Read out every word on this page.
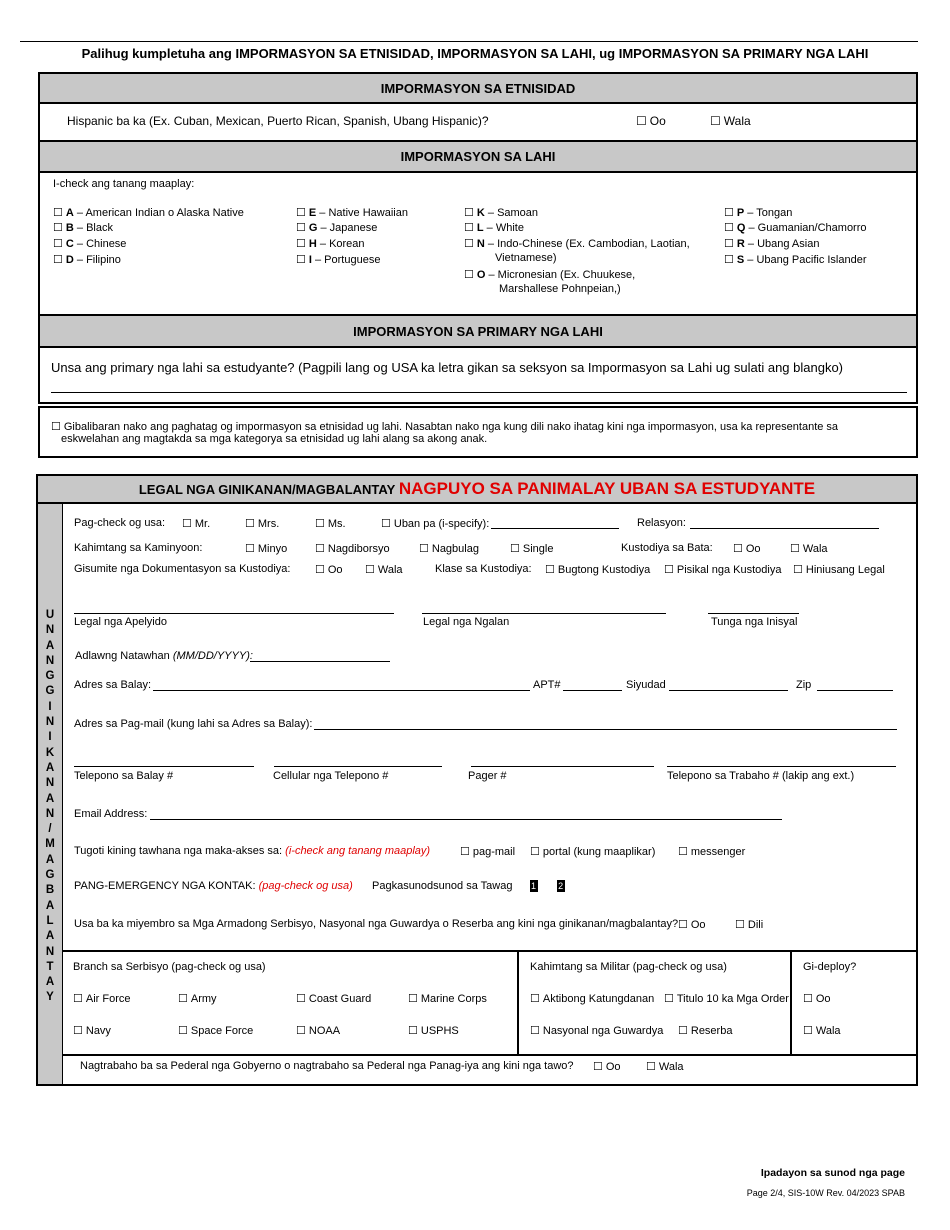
Palihug kumpletuha ang IMPORMASYON SA ETNISIDAD, IMPORMASYON SA LAHI, ug IMPORMASYON SA PRIMARY NGA LAHI
IMPORMASYON SA ETNISIDAD
Hispanic ba ka (Ex. Cuban, Mexican, Puerto Rican, Spanish, Ubang Hispanic)?	☐ Oo	☐ Wala
IMPORMASYON SA LAHI
I-check ang tanang maaplay:
☐ A – American Indian o Alaska Native
☐ B – Black
☐ C – Chinese
☐ D – Filipino
☐ E – Native Hawaiian
☐ G – Japanese
☐ H – Korean
☐ I – Portuguese
☐ K – Samoan
☐ L – White
☐ N – Indo-Chinese (Ex. Cambodian, Laotian,
Vietnamese)
☐ O – Micronesian (Ex. Chuukese,
Marshallese Pohnpeian,)
☐ P – Tongan
☐ Q – Guamanian/Chamorro
☐ R – Ubang Asian
☐ S – Ubang Pacific Islander
IMPORMASYON SA PRIMARY NGA LAHI
Unsa ang primary nga lahi sa estudyante? (Pagpili lang og USA ka letra gikan sa seksyon sa Impormasyon sa Lahi ug sulati ang blangko)
☐ Gibalibaran nako ang paghatag og impormasyon sa etnisidad ug lahi. Nasabtan nako nga kung dili nako ihatag kini nga impormasyon, usa ka representante sa
eskwelahan ang magtakda sa mga kategorya sa etnisidad ug lahi alang sa akong anak.
LEGAL NGA GINIKANAN/MAGBALANTAY
NAGPUYO SA PANIMALAY UBAN SA ESTUDYANTE
U
N
A
N
G
G
I
N
I
K
A
N
A
N
/
M
A
G
B
A
L
A
N
T
A
Y
Pag-check og usa:	☐ Mr.	☐ Mrs.	☐ Ms.	☐ Uban pa (i-specify):	Relasyon:
Kahimtang sa Kaminyoon:	☐ Minyo	☐ Nagdiborsyo	☐ Nagbulag	☐ Single	Kustodiya sa Bata:	☐ Oo	☐ Wala
Gisumite nga Dokumentasyon sa Kustodiya:	☐ Oo	☐ Wala	Klase sa Kustodiya:	☐ Bugtong Kustodiya	☐ Pisikal nga Kustodiya	☐ Hiniusang Legal
Legal nga Apelyido	Legal nga Ngalan	Tunga nga Inisyal
Adlawng Natawhan (MM/DD/YYYY):
Adres sa Balay:	APT#	Siyudad	Zip
Adres sa Pag-mail (kung lahi sa Adres sa Balay):
Telepono sa Balay #	Cellular nga Telepono #	Pager #	Telepono sa Trabaho # (lakip ang ext.)
Email Address:
Tugoti kining tawhana nga maka-akses sa: (i-check ang tanang maaplay)	☐ pag-mail	☐ portal (kung maaplikar)	☐ messenger
PANG-EMERGENCY NGA KONTAK: (pag-check og usa) Pagkasunodsunod sa Tawag 1 2
Usa ba ka miyembro sa Mga Armadong Serbisyo, Nasyonal nga Guwardya o Reserba ang kini nga ginikanan/magbalantay?	☐ Oo	☐ Dili
Branch sa Serbisyo (pag-check og usa)
☐ Air Force	☐ Army	☐ Coast Guard	☐ Marine Corps
☐ Navy	☐ Space Force	☐ NOAA	☐ USPHS
Kahimtang sa Militar (pag-check og usa)
☐ Aktibong Katungdanan	☐ Titulo 10 ka Mga Order
☐ Nasyonal nga Guwardya	☐ Reserba
Gi-deploy?
☐ Oo
☐ Wala
Nagtrabaho ba sa Pederal nga Gobyerno o nagtrabaho sa Pederal nga Panag-iya ang kini nga tawo?	☐ Oo	☐ Wala
Ipadayon sa sunod nga page
Page 2/4, SIS-10W Rev. 04/2023 SPAB
